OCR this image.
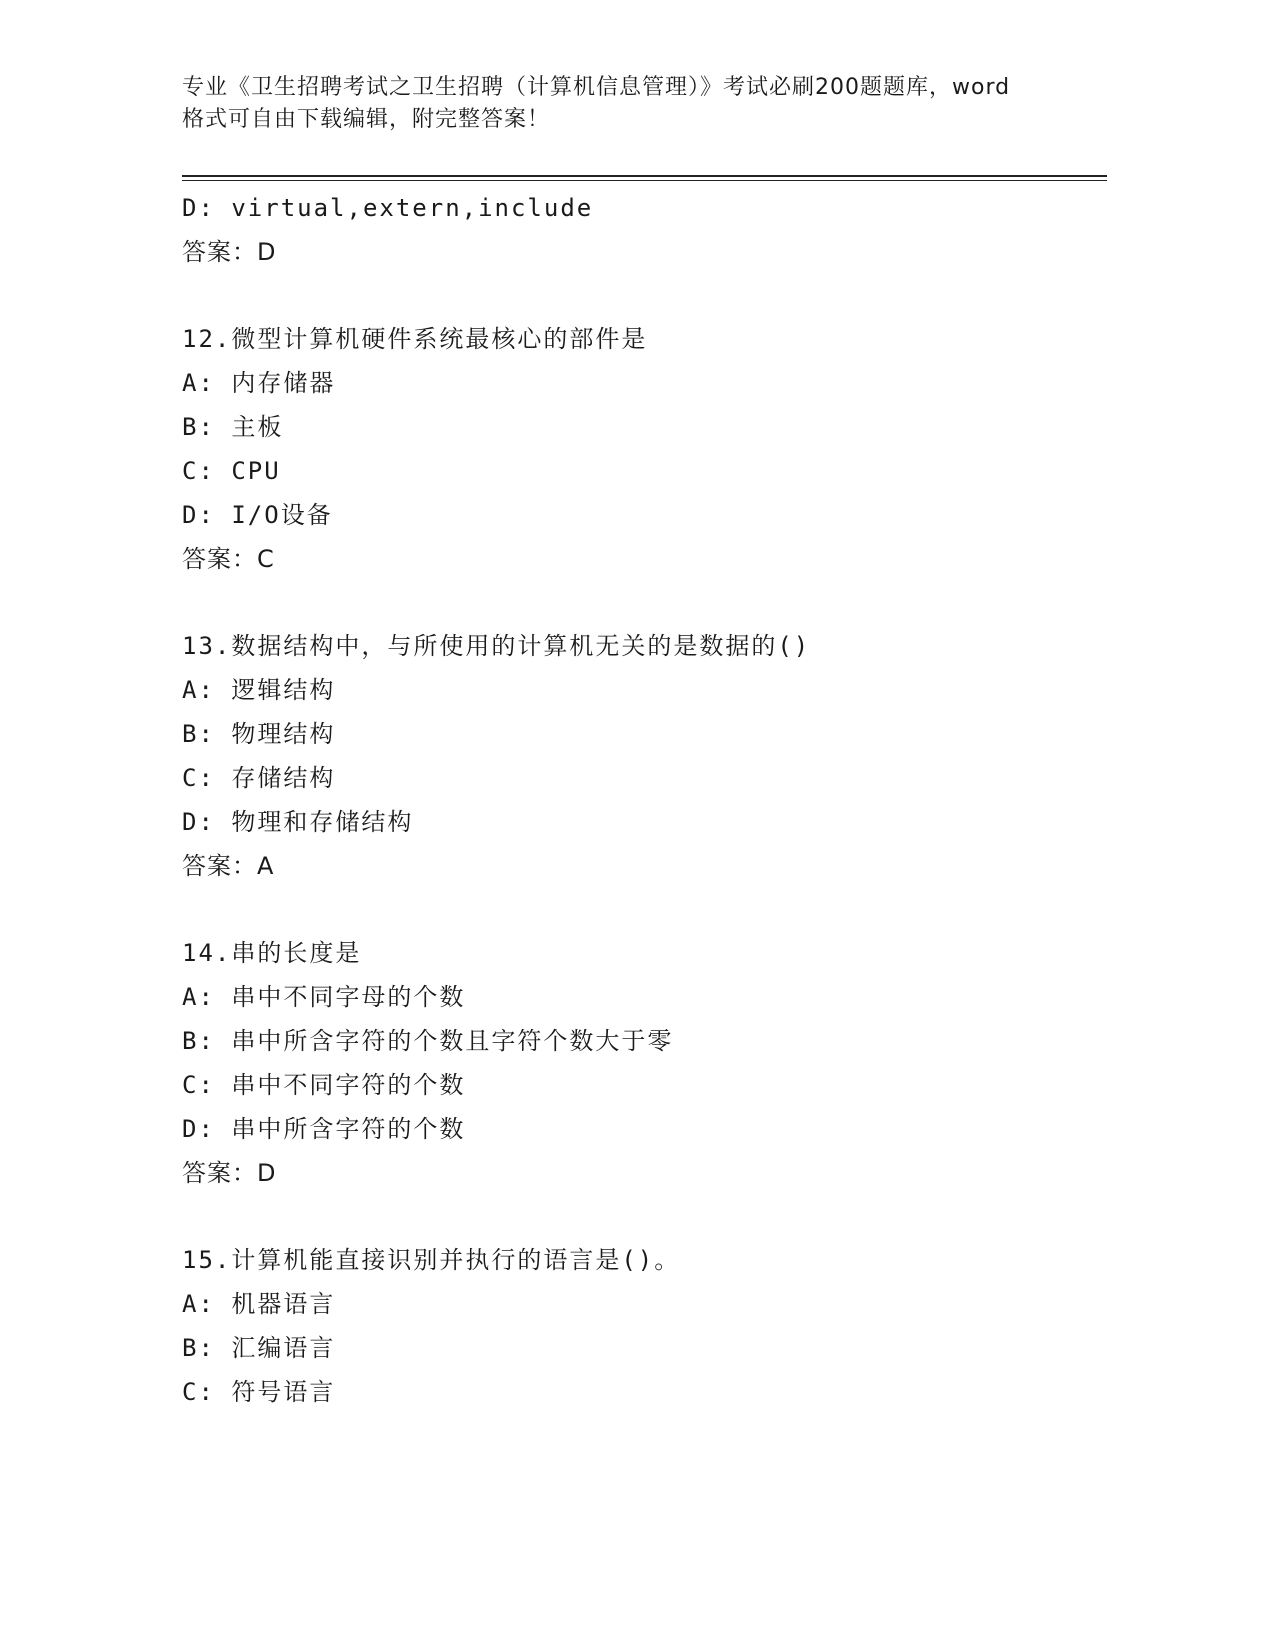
专业《卫生招聘考试之卫生招聘（计算机信息管理）》考试必刷200题题库，word
格式可自由下载编辑，附完整答案！
D: virtual,extern,include
答案：D
12.微型计算机硬件系统最核心的部件是
A: 内存储器
B: 主板
C: CPU
D: I/O设备
答案：C
13.数据结构中，与所使用的计算机无关的是数据的()
A: 逻辑结构
B: 物理结构
C: 存储结构
D: 物理和存储结构
答案：A
14.串的长度是
A: 串中不同字母的个数
B: 串中所含字符的个数且字符个数大于零
C: 串中不同字符的个数
D: 串中所含字符的个数
答案：D
15.计算机能直接识别并执行的语言是()。
A: 机器语言
B: 汇编语言
C: 符号语言
